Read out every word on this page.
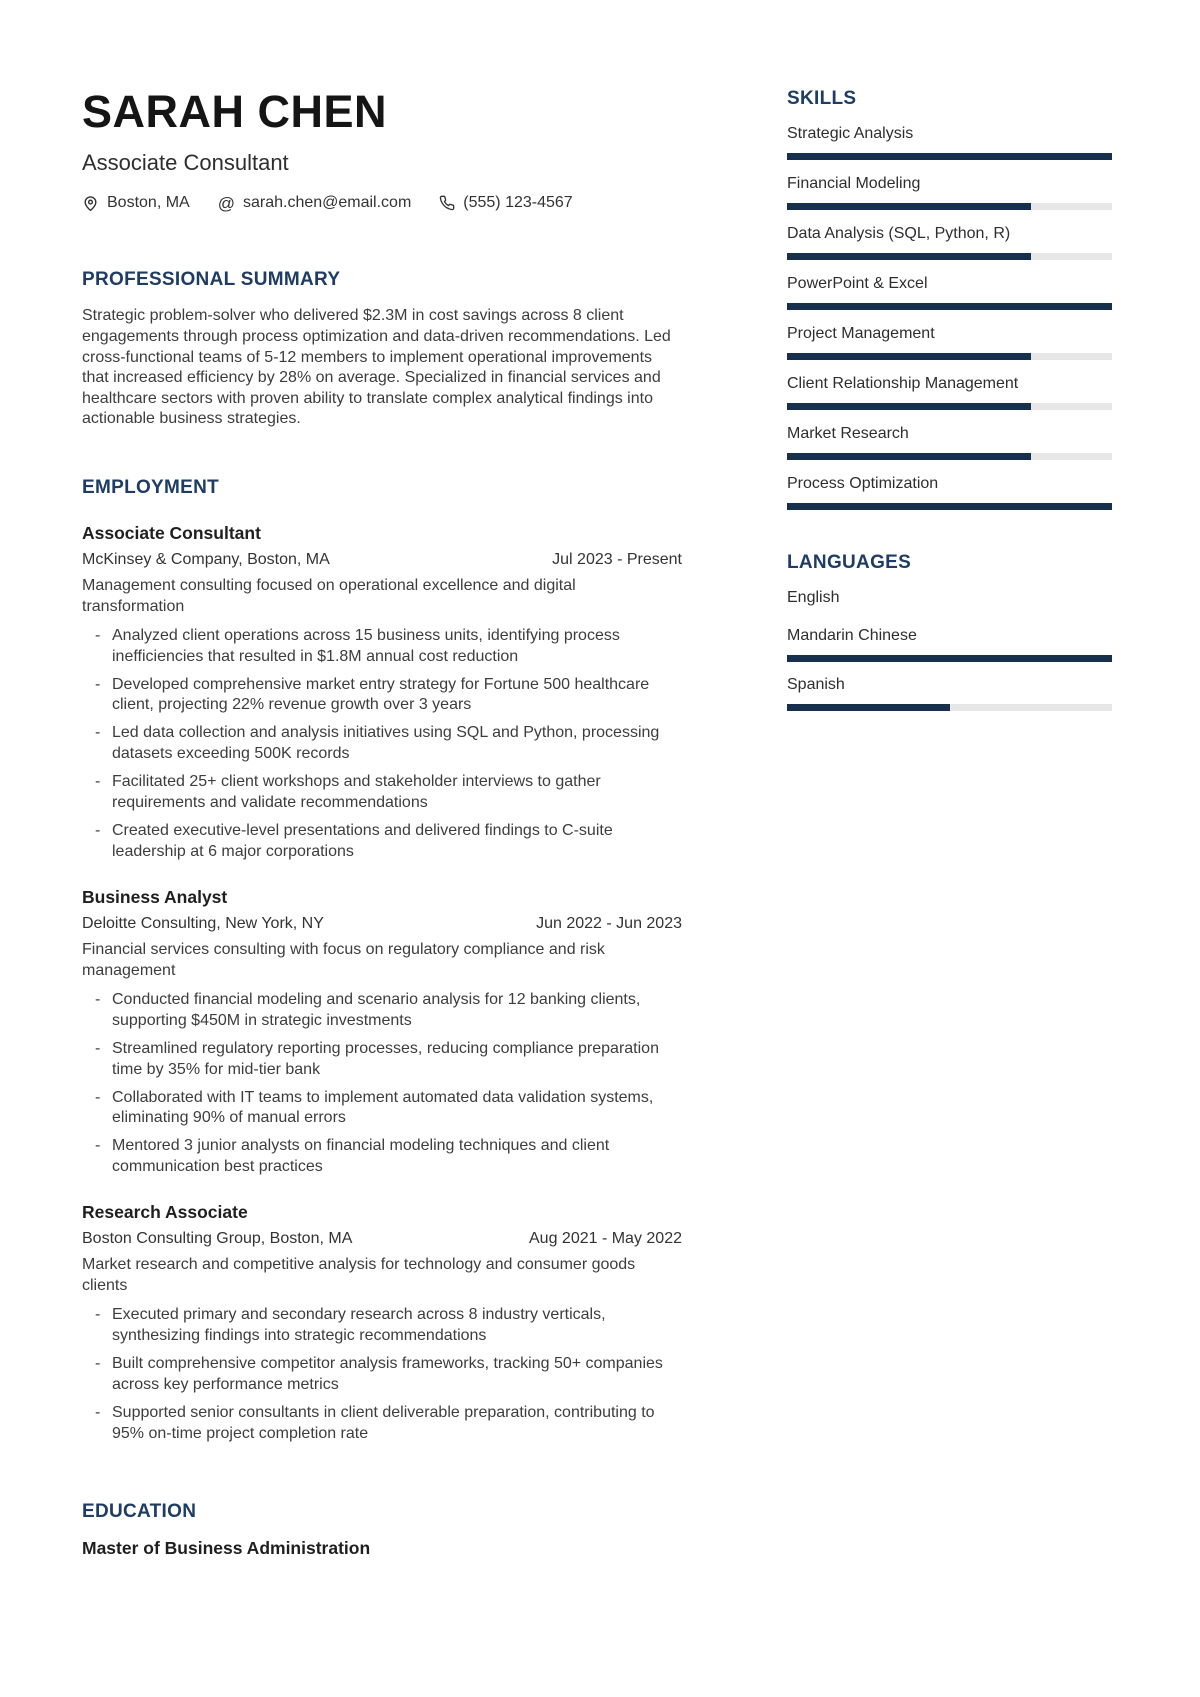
SARAH CHEN
Associate Consultant
Boston, MA @ sarah.chen@email.com	(555) 123-4567
PROFESSIONAL SUMMARY

Strategic problem-solver who delivered $2.3M in cost savings across 8 client engagements through process optimization and data-driven recommendations. Led cross-functional teams of 5-12 members to implement operational improvements that increased efficiency by 28% on average. Specialized in financial services and healthcare sectors with proven ability to translate complex analytical findings into actionable business strategies.

EMPLOYMENT
Associate Consultant
McKinsey & Company, Boston, MA	Jul 2023 - Present
Management consulting focused on operational excellence and digital transformation
- Analyzed client operations across 15 business units, identifying process inefficiencies that resulted in $1.8M annual cost reduction
- Developed comprehensive market entry strategy for Fortune 500 healthcare client, projecting 22% revenue growth over 3 years
- Led data collection and analysis initiatives using SQL and Python, processing datasets exceeding 500K records
- Facilitated 25+ client workshops and stakeholder interviews to gather requirements and validate recommendations
- Created executive-level presentations and delivered findings to C-suite leadership at 6 major corporations
Business Analyst
Deloitte Consulting, New York, NY	Jun 2022 - Jun 2023
Financial services consulting with focus on regulatory compliance and risk management
- Conducted financial modeling and scenario analysis for 12 banking clients, supporting $450M in strategic investments
- Streamlined regulatory reporting processes, reducing compliance preparation time by 35% for mid-tier bank
- Collaborated with IT teams to implement automated data validation systems, eliminating 90% of manual errors
- Mentored 3 junior analysts on financial modeling techniques and client communication best practices
Research Associate
Boston Consulting Group, Boston, MA	Aug 2021 - May 2022
Market research and competitive analysis for technology and consumer goods clients
- Executed primary and secondary research across 8 industry verticals, synthesizing findings into strategic recommendations
- Built comprehensive competitor analysis frameworks, tracking 50+ companies across key performance metrics
- Supported senior consultants in client deliverable preparation, contributing to 95% on-time project completion rate
EDUCATION
Master of Business Administration
SKILLS
Strategic Analysis
Financial Modeling
Data Analysis (SQL, Python, R)
PowerPoint & Excel
Project Management
Client Relationship Management
Market Research
Process Optimization
LANGUAGES
English
Mandarin Chinese
Spanish
